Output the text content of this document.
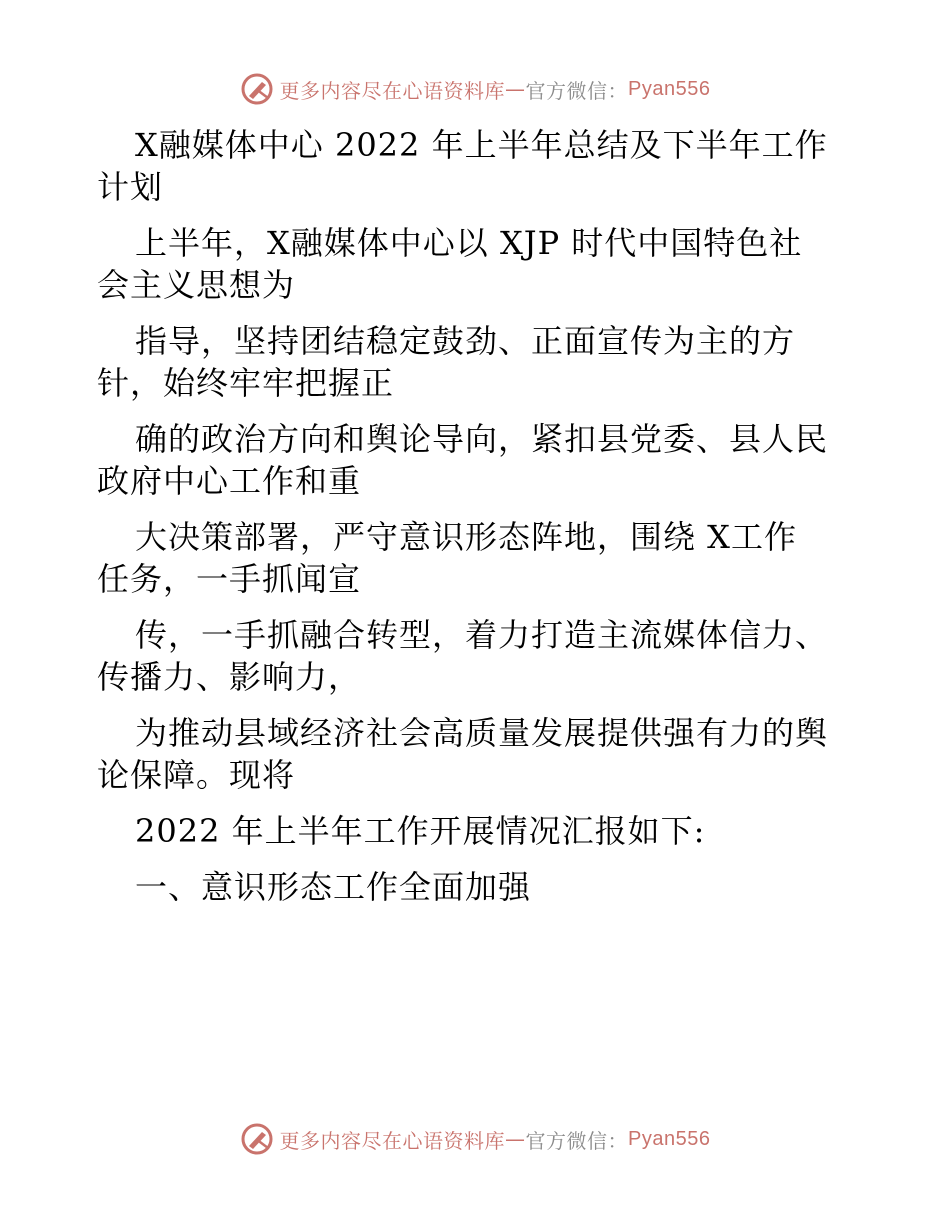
更多内容尽在心语资料库 — 官方微信： Pyan556
X融媒体中心 2022 年上半年总结及下半年工作
计划
上半年，X融媒体中心以 XJP 时代中国特色社
会主义思想为
指导，坚持团结稳定鼓劲、正面宣传为主的方
针，始终牢牢把握正
确的政治方向和舆论导向，紧扣县党委、县人民
政府中心工作和重
大决策部署，严守意识形态阵地，围绕 X工作
任务，一手抓闻宣
传，一手抓融合转型，着力打造主流媒体信力、
传播力、影响力，
为推动县域经济社会高质量发展提供强有力的舆
论保障。现将
2022 年上半年工作开展情况汇报如下:
一、意识形态工作全面加强
更多内容尽在心语资料库 — 官方微信： Pyan556
